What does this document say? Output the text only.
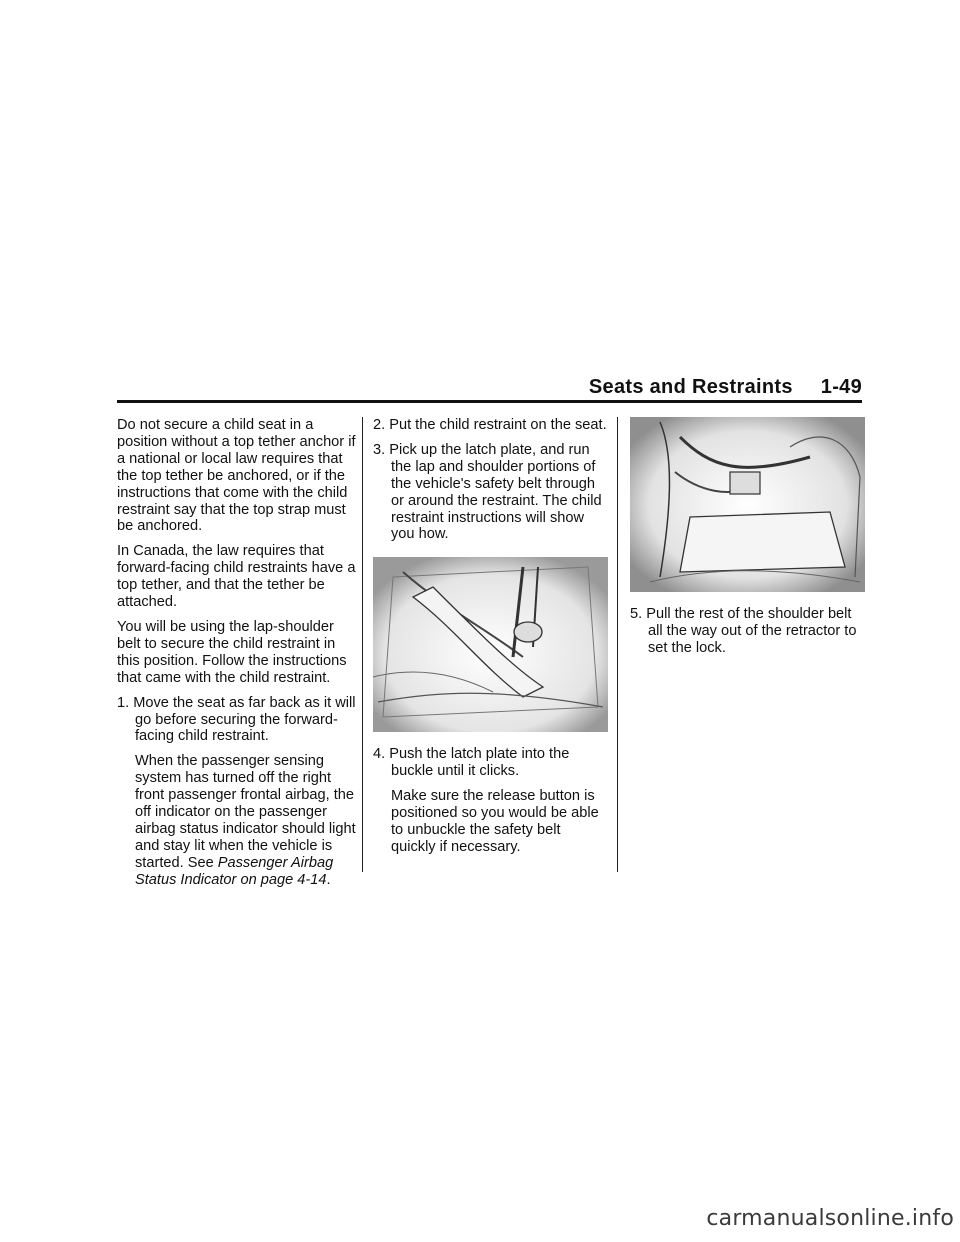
Seats and Restraints 1-49

Do not secure a child seat in a position without a top tether anchor if a national or local law requires that the top tether be anchored, or if the instructions that come with the child restraint say that the top strap must be anchored.

In Canada, the law requires that forward-facing child restraints have a top tether, and that the tether be attached.

You will be using the lap-shoulder belt to secure the child restraint in this position. Follow the instructions that came with the child restraint.

1. Move the seat as far back as it will go before securing the forward-facing child restraint.

When the passenger sensing system has turned off the right front passenger frontal airbag, the off indicator on the passenger airbag status indicator should light and stay lit when the vehicle is started. See Passenger Airbag Status Indicator on page 4-14.

2. Put the child restraint on the seat.

3. Pick up the latch plate, and run the lap and shoulder portions of the vehicle's safety belt through or around the restraint. The child restraint instructions will show you how.

4. Push the latch plate into the buckle until it clicks.

Make sure the release button is positioned so you would be able to unbuckle the safety belt quickly if necessary.

5. Pull the rest of the shoulder belt all the way out of the retractor to set the lock.

carmanualsonline.info
